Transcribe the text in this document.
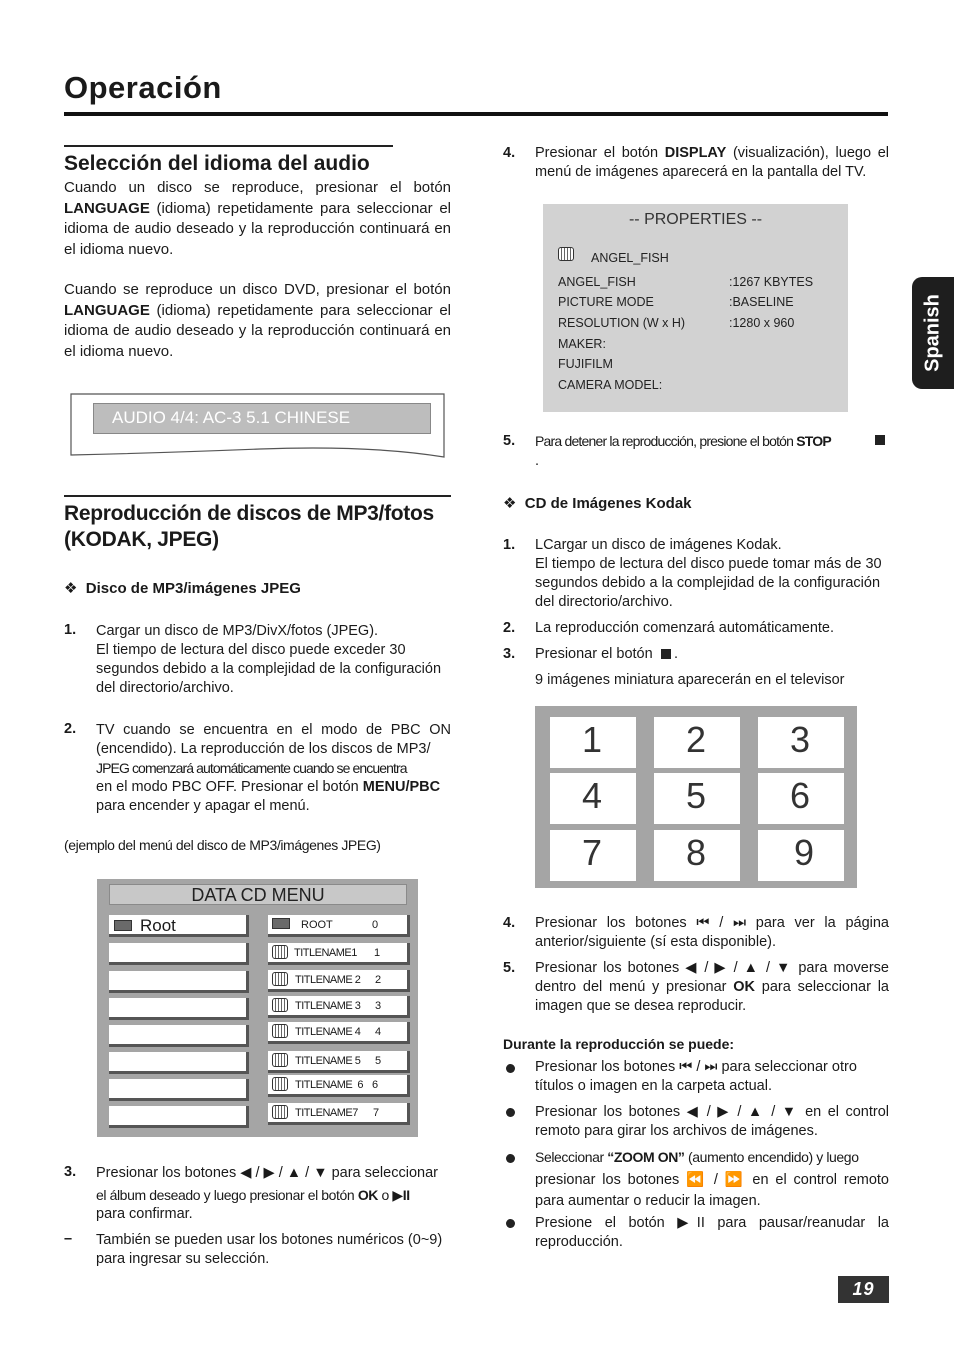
Operación
Spanish
Selección del idioma del audio
Cuando un disco se reproduce, presionar el botón LANGUAGE (idioma) repetidamente para seleccionar el idioma de audio deseado y la reproducción continuará en el idioma nuevo.
Cuando se reproduce un disco DVD, presionar el botón LANGUAGE (idioma) repetidamente para seleccionar el idioma de audio deseado y la reproducción continuará en el idioma nuevo.
AUDIO 4/4: AC-3 5.1 CHINESE
Reproducción de discos de MP3/fotos
(KODAK, JPEG)
❖ Disco de MP3/imágenes JPEG
1. Cargar un disco de MP3/DivX/fotos (JPEG).
El tiempo de lectura del disco puede exceder 30 segundos debido a la complejidad de la configuración del directorio/archivo.
2. TV cuando se encuentra en el modo de PBC ON (encendido). La reproducción de los discos de MP3/
JPEG comenzará automáticamente cuando se encuentra
en el modo PBC OFF. Presionar el botón MENU/PBC
para encender y apagar el menú.
(ejemplo del menú del disco de MP3/imágenes JPEG)
DATA CD MENU
Root	ROOT	0
TITLENAME1 1
TITLENAME 2 2
TITLENAME 3 3
TITLENAME 4 4
TITLENAME 5 5
TITLENAME  6 6
TITLENAME7 7
3. Presionar los botones ◀ / ▶ / ▲ / ▼ para seleccionar
el álbum deseado y luego presionar el botón OK o ▶II
para confirmar.
– También se pueden usar los botones numéricos (0~9) para ingresar su selección.
4. Presionar el botón DISPLAY (visualización), luego el menú de imágenes aparecerá en la pantalla del TV.
-- PROPERTIES --
ANGEL_FISH
ANGEL_FISH	:1267 KBYTES
PICTURE MODE	:BASELINE
RESOLUTION (W x H)	:1280 x 960
MAKER:
FUJIFILM
CAMERA MODEL:
5. Para detener la reproducción, presione el botón STOP
.
❖ CD de Imágenes Kodak
1. LCargar un disco de imágenes Kodak.
El tiempo de lectura del disco puede tomar más de 30 segundos debido a la complejidad de la configuración del directorio/archivo.
2. La reproducción comenzará automáticamente.
3. Presionar el botón .
9 imágenes miniatura aparecerán en el televisor
1 2 3
4 5 6
7 8 9
4. Presionar los botones ⏮ / ⏭ para ver la página anterior/siguiente (sí esta disponible).
5. Presionar los botones ◀ / ▶ / ▲ / ▼ para moverse dentro del menú y presionar OK para seleccionar la imagen que se desea reproducir.
Durante la reproducción se puede:
Presionar los botones ⏮ / ⏭ para seleccionar otro títulos o imagen en la carpeta actual.
Presionar los botones ◀ / ▶ / ▲ / ▼ en el control remoto para girar los archivos de imágenes.
Seleccionar “ZOOM ON” (aumento encendido) y luego
presionar los botones ⏪ / ⏩ en el control remoto para aumentar o reducir la imagen.
Presione el botón ▶II para pausar/reanudar la reproducción.
19
